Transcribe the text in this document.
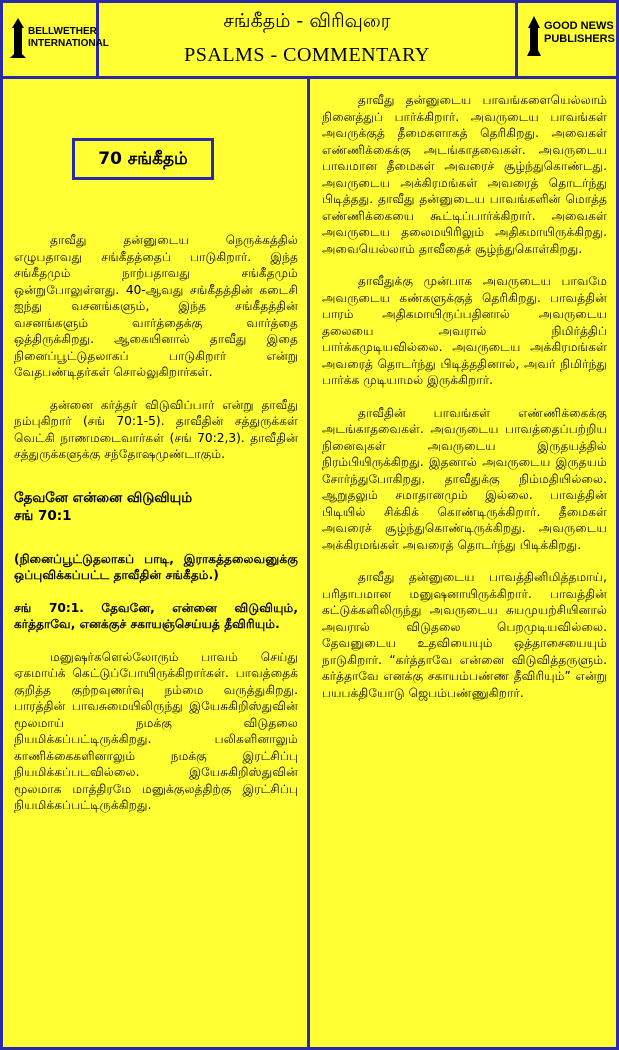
BELLWETHER INTERNATIONAL
சங்கீதம் - விரிவுரை
PSALMS - COMMENTARY
GOOD NEWS PUBLISHERS
70 சங்கீதம்

தாவீது தன்னுடைய நெருக்கத்தில் எழுபதாவது சங்கீதத்தைப் பாடுகிறார். இந்த சங்கீதமும் நாற்பதாவது சங்கீதமும் ஒன்றுபோலுள்ளது. 40-ஆவது சங்கீதத்தின் கடைசி ஐந்து வசனங்களும், இந்த சங்கீதத்தின் வசனங்களும் வார்த்தைக்கு வார்த்தை ஒத்திருக்கிறது. ஆகையினால் தாவீது இதை நினைப்பூட்டுதலாகப் பாடுகிறார் என்று வேதபண்டிதர்கள் சொல்லுகிறார்கள்.

தன்னை கர்த்தர் விடுவிப்பார் என்று தாவீது நம்புகிறார் (சங் 70:1-5). தாவீதின் சத்துருக்கள் வெட்கி நாணமடைவார்கள் (சங் 70:2,3). தாவீதின் சத்துருக்களுக்கு சந்தோஷமுண்டாகும்.

தேவனே என்னை விடுவியும்
சங் 70:1

(நினைப்பூட்டுதலாகப் பாடி, இராகத்தலைவனுக்கு ஒப்புவிக்கப்பட்ட தாவீதின் சங்கீதம்.)

சங் 70:1. தேவனே, என்னை விடுவியும், கர்த்தாவே, எனக்குச் சகாயஞ்செய்யத் தீவிரியும்.

மனுஷர்களெல்லோரும் பாவம் செய்து ஏகமாய்க் கெட்டுப்போயிருக்கிறார்கள். பாவத்தைக் குறித்த குற்றவுணர்வு நம்மை வருத்துகிறது. பாரத்தின் பாவசுமையிலிருந்து இயேசுகிறிஸ்துவின் மூலமாய் நமக்கு விடுதலை நியமிக்கப்பட்டிருக்கிறது. பலிகளினாலும் காணிக்கைகளினாலும் நமக்கு இரட்சிப்பு நியமிக்கப்படவில்லை. இயேசுகிறிஸ்துவின் மூலமாக மாத்திரமே மனுக்குலத்திற்கு இரட்சிப்பு நியமிக்கப்பட்டிருக்கிறது.

தாவீது தன்னுடைய பாவங்களையெல்லாம் நினைத்துப் பார்க்கிறார். அவருடைய பாவங்கள் அவருக்குத் தீமைகளாகத் தெரிகிறது. அவைகள் எண்ணிக்கைக்கு அடங்காதவைகள். அவருடைய பாவமான தீமைகள் அவரைச் சூழ்ந்துகொண்டது. அவருடைய அக்கிரமங்கள் அவரைத் தொடர்ந்து பிடித்தது. தாவீது தன்னுடைய பாவங்களின் மொத்த எண்ணிக்கையை கூட்டிப்பார்க்கிறார். அவைகள் அவருடைய தலைமயிரிலும் அதிகமாயிருக்கிறது. அவையெல்லாம் தாவீதைச் சூழ்ந்துகொள்கிறது.

தாவீதுக்கு முன்பாக அவருடைய பாவமே அவருடைய கண்களுக்குத் தெரிகிறது. பாவத்தின் பாரம் அதிகமாயிருப்பதினால் அவருடைய தலையை அவரால் நிமிர்த்திப் பார்க்கமுடியவில்லை. அவருடைய அக்கிரமங்கள் அவரைத் தொடர்ந்து பிடித்ததினால், அவர் நிமிர்ந்து பார்க்க முடியாமல் இருக்கிறார்.

தாவீதின் பாவங்கள் எண்ணிக்கைக்கு அடங்காதவைகள். அவருடைய பாவத்தைப்பற்றிய நினைவுகள் அவருடைய இருதயத்தில் நிரம்பியிருக்கிறது. இதனால் அவருடைய இருதயம் சோர்ந்துபோகிறது. தாவீதுக்கு நிம்மதியில்லை. ஆறுதலும் சமாதானமும் இல்லை. பாவத்தின் பிடியில் சிக்கிக் கொண்டிருக்கிறார். தீமைகள் அவரைச் சூழ்ந்துகொண்டிருக்கிறது. அவருடைய அக்கிரமங்கள் அவரைத் தொடர்ந்து பிடிக்கிறது.

தாவீது தன்னுடைய பாவத்தினிமித்தமாய், பரிதாபமான மனுஷனாயிருக்கிறார். பாவத்தின் கட்டுக்களிலிருந்து அவருடைய சுயமுயற்சியினால் அவரால் விடுதலை பெறமுடியவில்லை. தேவனுடைய உதவியையும் ஒத்தாசையையும் நாடுகிறார். “கர்த்தாவே என்னை விடுவித்தருளும். கர்த்தாவே எனக்கு சகாயம்பண்ண தீவிரியும்” என்று பயபக்தியோடு ஜெபம்பண்ணுகிறார்.
